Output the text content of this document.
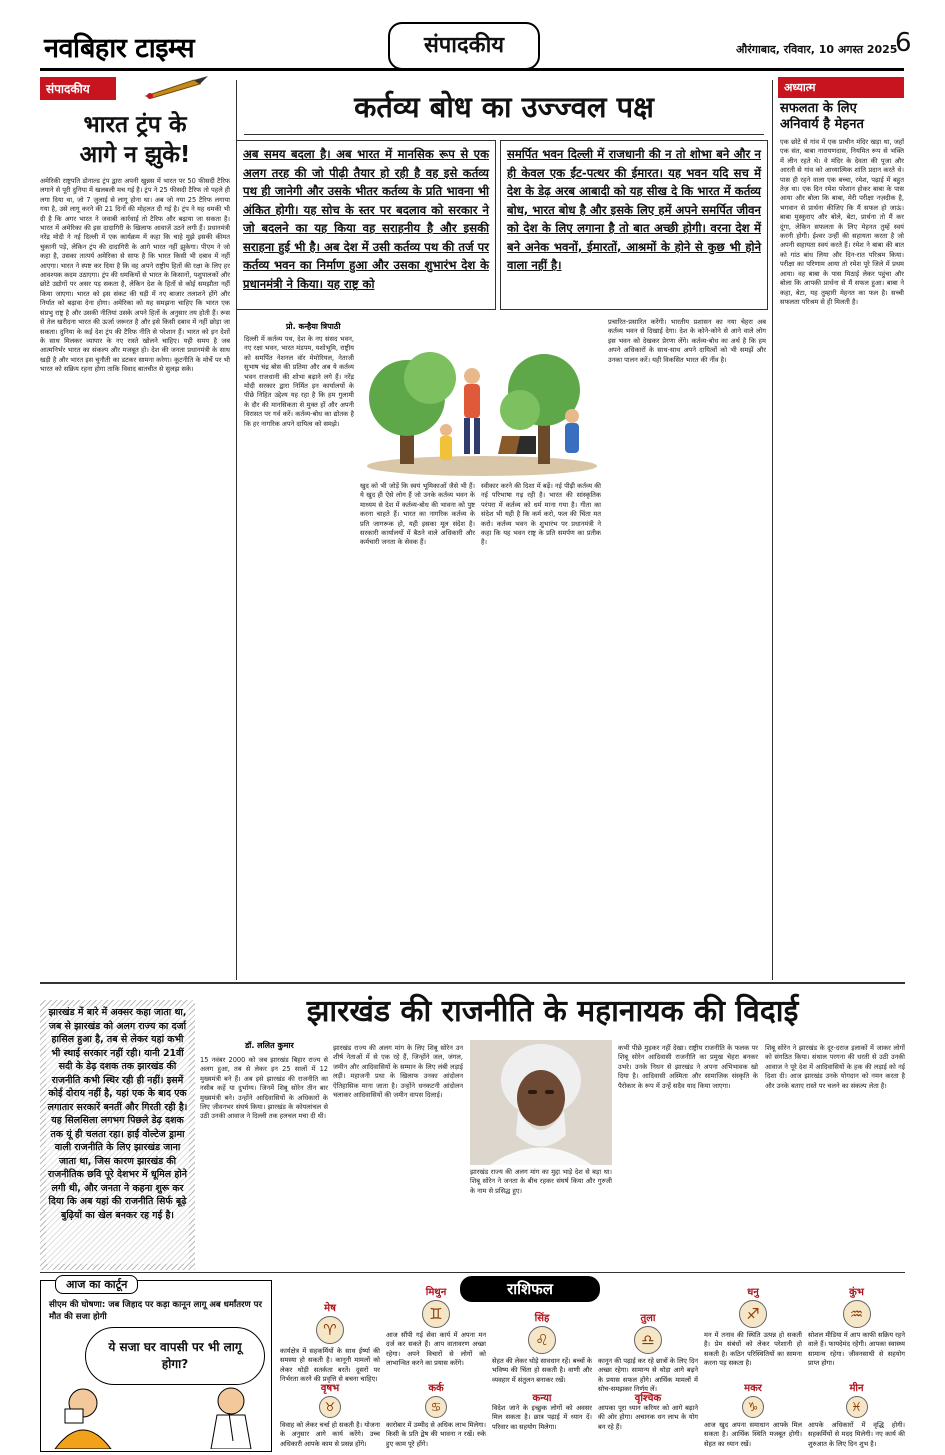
नवबिहार टाइम्स	संपादकीय	औरंगाबाद, रविवार, 10 अगस्त 2025
6
संपादकीय
भारत ट्रंप के
आगे न झुके!
अमेरिकी राष्ट्रपति डोनाल्ड ट्रंप द्वारा अपनी खुन्नस में भारत पर 50 फीसदी टैरिफ लगाने से पूरी दुनिया में खलबली मच गई है। ट्रंप ने 25 फीसदी टैरिफ तो पहले ही लगा दिया था, जो 7 जुलाई से लागू होना था। अब जो नया 25 टैरिफ लगाया गया है, उसे लागू करने की 21 दिनों की मोहलत दी गई है। ट्रंप ने यह धमकी भी दी है कि अगर भारत ने जवाबी कार्रवाई तो टैरिफ और बढ़ाया जा सकता है। भारत में अमेरिका की इस दादागिरी के खिलाफ आवाजें उठने लगी हैं। प्रधानमंत्री नरेंद्र मोदी ने नई दिल्ली में एक कार्यक्रम में कहा कि चाहे मुझे इसकी कीमत चुकानी पड़े, लेकिन ट्रंप की दादागिरी के आगे भारत नहीं झुकेगा। पीएम ने जो कहा है, उसका तात्पर्य अमेरिका से साफ है कि भारत किसी भी दबाव में नहीं आएगा। भारत ने स्पष्ट कर दिया है कि वह अपने राष्ट्रीय हितों की रक्षा के लिए हर आवश्यक कदम उठाएगा। ट्रंप की धमकियों से भारत के किसानों, पशुपालकों और छोटे उद्योगों पर असर पड़ सकता है, लेकिन देश के हितों से कोई समझौता नहीं किया जाएगा। भारत को इस संकट की घड़ी में नए बाजार तलाशने होंगे और निर्यात को बढ़ावा देना होगा। अमेरिका को यह समझना चाहिए कि भारत एक संप्रभु राष्ट्र है और उसकी नीतियां उसके अपने हितों के अनुसार तय होती हैं। रूस से तेल खरीदना भारत की ऊर्जा जरूरत है और इसे किसी दबाव में नहीं छोड़ा जा सकता। दुनिया के कई देश ट्रंप की टैरिफ नीति से परेशान हैं। भारत को इन देशों के साथ मिलकर व्यापार के नए रास्ते खोलने चाहिए। यही समय है जब आत्मनिर्भर भारत का संकल्प और मजबूत हो। देश की जनता प्रधानमंत्री के साथ खड़ी है और भारत इस चुनौती का डटकर सामना करेगा। कूटनीति के मोर्चे पर भी भारत को सक्रिय रहना होगा ताकि विवाद बातचीत से सुलझ सके।
कर्तव्य बोध का उज्ज्वल पक्ष
अब समय बदला है। अब भारत में मानसिक रूप से एक अलग तरह की जो पीढ़ी तैयार हो रही है वह इसे कर्तव्य पथ ही जानेगी और उसके भीतर कर्तव्य के प्रति भावना भी अंकित होगी। यह सोच के स्तर पर बदलाव को सरकार ने जो बदलने का यह किया वह सराहनीय है और इसकी सराहना हुई भी है। अब देश में उसी कर्तव्य पथ की तर्ज पर कर्तव्य भवन का निर्माण हुआ और उसका शुभारंभ देश के प्रधानमंत्री ने किया। यह राष्ट्र को
समर्पित भवन दिल्ली में राजधानी की न तो शोभा बने और न ही केवल एक ईंट-पत्थर की ईमारत। यह भवन यदि सच में देश के डेढ़ अरब आबादी को यह सीख दे कि भारत में कर्तव्य बोध, भारत बोध है और इसके लिए हमें अपने समर्पित जीवन को देश के लिए लगाना है तो बात अच्छी होगी। वरना देश में बने अनेक भवनों, ईमारतों, आश्रमों के होने से कुछ भी होने वाला नहीं है।
प्रो. कन्हैया त्रिपाठी
दिल्ली में कर्तव्य पथ, देश के नए संसद भवन, नए रक्षा भवन, भारत मंडपम, यशोभूमि, राष्ट्रीय को समर्पित नेशनल वॉर मेमोरियल, नेताजी सुभाष चंद्र बोस की प्रतिमा और अब ये कर्तव्य भवन राजधानी की शोभा बढ़ाने लगे हैं। नरेंद्र मोदी सरकार द्वारा निर्मित इन कार्यालयों के पीछे निहित उद्देश्य यह रहा है कि हम गुलामी के दौर की मानसिकता से मुक्त हों और अपनी विरासत पर गर्व करें। कर्तव्य-बोध का द्योतक है कि हर नागरिक अपने दायित्व को समझे।
खुद को भी जोड़ें कि स्वयं भूमिकाओं जैसे भी हैं। ये खुद ही ऐसे लोग हैं जो उनके कर्तव्य भवन के माध्यम से देश में कर्तव्य-बोध की भावना को पुष्ट करना चाहते हैं। भारत का नागरिक कर्तव्य के प्रति जागरूक हो, यही इसका मूल संदेश है। सरकारी कार्यालयों में बैठने वाले अधिकारी और कर्मचारी जनता के सेवक हैं।
स्वीकार करने की दिशा में बढ़ें। नई पीढ़ी कर्तव्य की नई परिभाषा गढ़ रही है। भारत की सांस्कृतिक परंपरा में कर्तव्य को धर्म माना गया है। गीता का संदेश भी यही है कि कर्म करो, फल की चिंता मत करो। कर्तव्य भवन के शुभारंभ पर प्रधानमंत्री ने कहा कि यह भवन राष्ट्र के प्रति समर्पण का प्रतीक है।
प्रचारित-प्रसारित करेंगी। भारतीय प्रशासन का नया चेहरा अब कर्तव्य भवन से दिखाई देगा। देश के कोने-कोने से आने वाले लोग इस भवन को देखकर प्रेरणा लेंगे। कर्तव्य-बोध का अर्थ है कि हम अपने अधिकारों के साथ-साथ अपने दायित्वों को भी समझें और उनका पालन करें। यही विकसित भारत की नींव है।
अध्यात्म
सफलता के लिए
अनिवार्य है मेहनत
एक छोटे से गांव में एक प्राचीन मंदिर खड़ा था, जहाँ एक संत, बाबा नारायणदास, नियमित रूप से भक्ति में लीन रहते थे। वे मंदिर के देवता की पूजा और आरती से गांव को आध्यात्मिक शांति प्रदान करते थे। पास ही रहने वाला एक बच्चा, रमेश, पढ़ाई में बहुत तेज़ था। एक दिन रमेश परेशान होकर बाबा के पास आया और बोला कि बाबा, मेरी परीक्षा नज़दीक है, भगवान से प्रार्थना कीजिए कि मैं सफल हो जाऊं। बाबा मुस्कुराए और बोले, बेटा, प्रार्थना तो मैं कर दूंगा, लेकिन सफलता के लिए मेहनत तुम्हें स्वयं करनी होगी। ईश्वर उन्हीं की सहायता करता है जो अपनी सहायता स्वयं करते हैं। रमेश ने बाबा की बात को गांठ बांध लिया और दिन-रात परिश्रम किया। परीक्षा का परिणाम आया तो रमेश पूरे जिले में प्रथम आया। वह बाबा के पास मिठाई लेकर पहुंचा और बोला कि आपकी प्रार्थना से मैं सफल हुआ। बाबा ने कहा, बेटा, यह तुम्हारी मेहनत का फल है। सच्ची सफलता परिश्रम से ही मिलती है।
झारखंड में बारे में अक्सर कहा जाता था, जब से झारखंड को अलग राज्य का दर्जा हासिल हुआ है, तब से लेकर यहां कभी भी स्थाई सरकार नहीं रही। यानी 21वीं सदी के डेढ़ दशक तक झारखंड की राजनीति कभी स्थिर रही ही नहीं। इसमें कोई दोराय नहीं है, यहां एक के बाद एक लगातार सरकारें बनतीं और गिरती रही है। यह सिलसिला लगभग पिछले डेढ़ दशक तक यूं ही चलता रहा। हाईं वोल्टेज ड्रामा वाली राजनीति के लिए झारखंड जाना जाता था, जिस कारण झारखंड की राजनीतिक छवि पूरे देशभर में धूमिल होने लगी थी, और जनता ने कहना शुरू कर दिया कि अब यहां की राजनीति सिर्फ बूढ़े बुढ़ियों का खेल बनकर रह गई है।
झारखंड की राजनीति के महानायक की विदाई
डॉ. ललित कुमार
15 नवंबर 2000 को जब झारखंड बिहार राज्य से अलग हुआ, तब से लेकर इन 25 सालों में 12 मुख्यमंत्री बने हैं। अब इसे झारखंड की राजनीति का नसीब कहें या दुर्भाग्य। जिनमें शिबू सोरेन तीन बार मुख्यमंत्री बने। उन्होंने आदिवासियों के अधिकारों के लिए जीवनभर संघर्ष किया। झारखंड के कोयलांचल से उठी उनकी आवाज ने दिल्ली तक हलचल मचा दी थी।
झारखंड राज्य की अलग मांग के लिए शिबू सोरेन उन शीर्ष नेताओं में से एक रहे हैं, जिन्होंने जल, जंगल, जमीन और आदिवासियों के सम्मान के लिए लंबी लड़ाई लड़ी। महाजनी प्रथा के खिलाफ उनका आंदोलन ऐतिहासिक माना जाता है। उन्होंने धनकटनी आंदोलन चलाकर आदिवासियों की जमीन वापस दिलाई।
झारखंड राज्य की अलग मांग का मुद्दा भाड़े देश से बड़ा था। शिबू सोरेन ने जनता के बीच रहकर संघर्ष किया और गुरुजी के नाम से प्रसिद्ध हुए।
कभी पीछे मुड़कर नहीं देखा। राष्ट्रीय राजनीति के फलक पर शिबू सोरेन आदिवासी राजनीति का प्रमुख चेहरा बनकर उभरे। उनके निधन से झारखंड ने अपना अभिभावक खो दिया है। आदिवासी अस्मिता और सामाजिक संस्कृति के पैरोकार के रूप में उन्हें सदैव याद किया जाएगा।
शिबू सोरेन ने झारखंड के दूर-दराज इलाकों में जाकर लोगों को संगठित किया। संथाल परगना की धरती से उठी उनकी आवाज ने पूरे देश में आदिवासियों के हक की लड़ाई को नई दिशा दी। आज झारखंड उनके योगदान को नमन करता है और उनके बताए रास्ते पर चलने का संकल्प लेता है।
आज का कार्टून
सीएम की घोषणा: जब जिहाद पर कड़ा कानून लागू अब धर्मांतरण पर मौत की सजा होगी
ये सजा घर वापसी पर भी लागू होगा?
राशिफल
मेष
♈
कार्यक्षेत्र में सहकर्मियों के साथ ईर्ष्या की समस्या हो सकती है। कानूनी मामलों को लेकर थोड़ी सतर्कता बरतें। दूसरों पर निर्भरता करने की प्रवृत्ति से बचना चाहिए।
मिथुन
♊
आज सौंपी गई सेवा कार्य में अपना मन दर्ज कर सकते हैं। आप वातावरण अच्छा रहेगा। अपने विचारों से लोगों को लाभान्वित करने का प्रयास करेंगे।
सिंह
♌
सेहत की लेकर थोड़े सावधान रहें। बच्चों के भविष्य की चिंता हो सकती है। वाणी और व्यवहार में संतुलन बनाकर रखें।
तुला
♎
कानून की पढ़ाई कर रहे छात्रों के लिए दिन अच्छा रहेगा। सामान्य से थोड़ा आगे बढ़ने के प्रयास सफल होंगे। आर्थिक मामलों में सोच-समझकर निर्णय लें।
धनु
♐
मन में तनाव की स्थिति उत्पन्न हो सकती है। प्रेम संबंधों को लेकर परेशानी हो सकती है। कठिन परिस्थितियों का सामना करना पड़ सकता है।
कुंभ
♒
सोशल मीडिया में आप काफी सक्रिय रहने वाले हैं। फायदेमंद रहेगी। आपका स्वास्थ्य सामान्य रहेगा। जीवनसाथी से सहयोग प्राप्त होगा।
वृषभ
♉
विवाह को लेकर चर्चा हो सकती है। योजना के अनुसार आगे कार्य करेंगे। उच्च अधिकारी आपके काम से प्रसन्न होंगे।
कर्क
♋
कारोबार में उम्मीद से अधिक लाभ मिलेगा। किसी के प्रति द्वेष की भावना न रखें। रुके हुए काम पूरे होंगे।
कन्या
विदेश जाने के इच्छुक लोगों को अवसर मिल सकता है। छात्र पढ़ाई में ध्यान दें। परिवार का सहयोग मिलेगा।
वृश्चिक
आपका पूरा ध्यान करियर को आगे बढ़ाने की ओर होगा। अचानक धन लाभ के योग बन रहे हैं।
मकर
♑
आज खुद अपना समाधान आपके मिल सकता है। आर्थिक स्थिति मजबूत होगी। सेहत का ध्यान रखें।
मीन
♓
आपके अधिकारों में वृद्धि होगी। सहकर्मियों से मदद मिलेगी। नए कार्य की शुरुआत के लिए दिन शुभ है।
